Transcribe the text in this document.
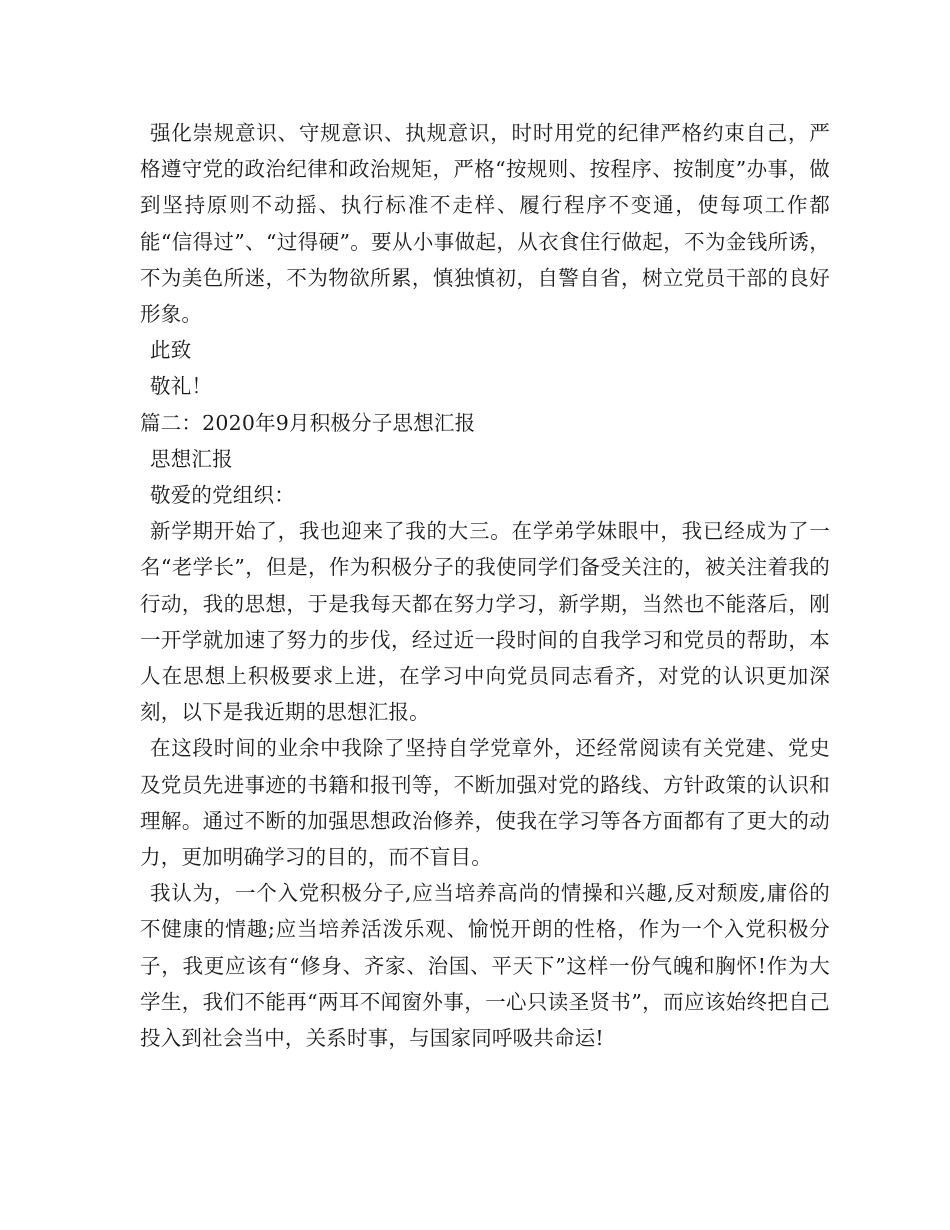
强化崇规意识、守规意识、执规意识，时时用党的纪律严格约束自己，严格遵守党的政治纪律和政治规矩，严格“按规则、按程序、按制度”办事，做到坚持原则不动摇、执行标准不走样、履行程序不变通，使每项工作都能“信得过”、“过得硬”。要从小事做起，从衣食住行做起，不为金钱所诱，不为美色所迷，不为物欲所累，慎独慎初，自警自省，树立党员干部的良好形象。

此致

敬礼！

篇二：2020年9月积极分子思想汇报

思想汇报

敬爱的党组织：

新学期开始了，我也迎来了我的大三。在学弟学妹眼中，我已经成为了一名“老学长”，但是，作为积极分子的我使同学们备受关注的，被关注着我的行动，我的思想，于是我每天都在努力学习，新学期，当然也不能落后，刚一开学就加速了努力的步伐，经过近一段时间的自我学习和党员的帮助，本人在思想上积极要求上进，在学习中向党员同志看齐，对党的认识更加深刻，以下是我近期的思想汇报。

在这段时间的业余中我除了坚持自学党章外，还经常阅读有关党建、党史及党员先进事迹的书籍和报刊等，不断加强对党的路线、方针政策的认识和理解。通过不断的加强思想政治修养，使我在学习等各方面都有了更大的动力，更加明确学习的目的，而不盲目。

我认为，一个入党积极分子,应当培养高尚的情操和兴趣,反对颓废,庸俗的不健康的情趣;应当培养活泼乐观、愉悦开朗的性格，作为一个入党积极分子，我更应该有“修身、齐家、治国、平天下”这样一份气魄和胸怀!作为大学生，我们不能再“两耳不闻窗外事，一心只读圣贤书”，而应该始终把自己投入到社会当中，关系时事，与国家同呼吸共命运!
